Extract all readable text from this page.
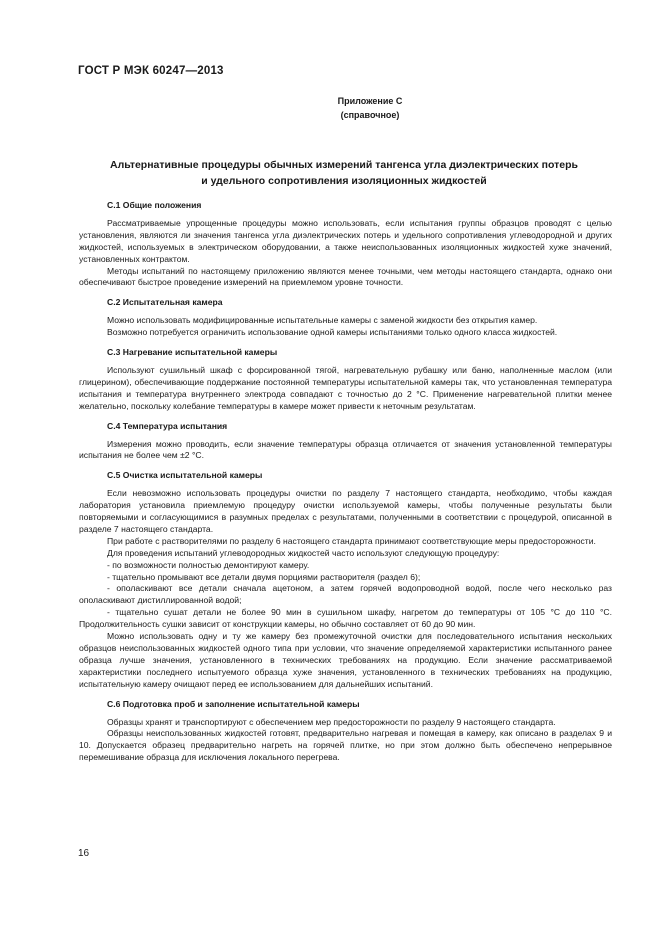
ГОСТ Р МЭК 60247—2013
Приложение С
(справочное)
Альтернативные процедуры обычных измерений тангенса угла диэлектрических потерь
и удельного сопротивления изоляционных жидкостей
С.1 Общие положения

Рассматриваемые упрощенные процедуры можно использовать, если испытания группы образцов проводят с целью установления, являются ли значения тангенса угла диэлектрических потерь и удельного сопротивления углеводородной и других жидкостей, используемых в электрическом оборудовании, а также неиспользованных изоляционных жидкостей хуже значений, установленных контрактом.

Методы испытаний по настоящему приложению являются менее точными, чем методы настоящего стандарта, однако они обеспечивают быстрое проведение измерений на приемлемом уровне точности.

С.2 Испытательная камера

Можно использовать модифицированные испытательные камеры с заменой жидкости без открытия камер.

Возможно потребуется ограничить использование одной камеры испытаниями только одного класса жидкостей.

С.3 Нагревание испытательной камеры

Используют сушильный шкаф с форсированной тягой, нагревательную рубашку или баню, наполненные маслом (или глицерином), обеспечивающие поддержание постоянной температуры испытательной камеры так, что установленная температура испытания и температура внутреннего электрода совпадают с точностью до 2 °С. Применение нагревательной плитки менее желательно, поскольку колебание температуры в камере может привести к неточным результатам.

С.4 Температура испытания

Измерения можно проводить, если значение температуры образца отличается от значения установленной температуры испытания не более чем ±2 °С.

С.5 Очистка испытательной камеры

Если невозможно использовать процедуры очистки по разделу 7 настоящего стандарта, необходимо, чтобы каждая лаборатория установила приемлемую процедуру очистки используемой камеры, чтобы полученные результаты были повторяемыми и согласующимися в разумных пределах с результатами, полученными в соответствии с процедурой, описанной в разделе 7 настоящего стандарта.

При работе с растворителями по разделу 6 настоящего стандарта принимают соответствующие меры предосторожности.

Для проведения испытаний углеводородных жидкостей часто используют следующую процедуру:

- по возможности полностью демонтируют камеру.

- тщательно промывают все детали двумя порциями растворителя (раздел 6);

- ополаскивают все детали сначала ацетоном, а затем горячей водопроводной водой, после чего несколько раз ополаскивают дистиллированной водой;

- тщательно сушат детали не более 90 мин в сушильном шкафу, нагретом до температуры от 105 °С до 110 °С. Продолжительность сушки зависит от конструкции камеры, но обычно составляет от 60 до 90 мин.

Можно использовать одну и ту же камеру без промежуточной очистки для последовательного испытания нескольких образцов неиспользованных жидкостей одного типа при условии, что значение определяемой характеристики испытанного ранее образца лучше значения, установленного в технических требованиях на продукцию. Если значение рассматриваемой характеристики последнего испытуемого образца хуже значения, установленного в технических требованиях на продукцию, испытательную камеру очищают перед ее использованием для дальнейших испытаний.

С.6 Подготовка проб и заполнение испытательной камеры

Образцы хранят и транспортируют с обеспечением мер предосторожности по разделу 9 настоящего стандарта.

Образцы неиспользованных жидкостей готовят, предварительно нагревая и помещая в камеру, как описано в разделах 9 и 10. Допускается образец предварительно нагреть на горячей плитке, но при этом должно быть обеспечено непрерывное перемешивание образца для исключения локального перегрева.

16
